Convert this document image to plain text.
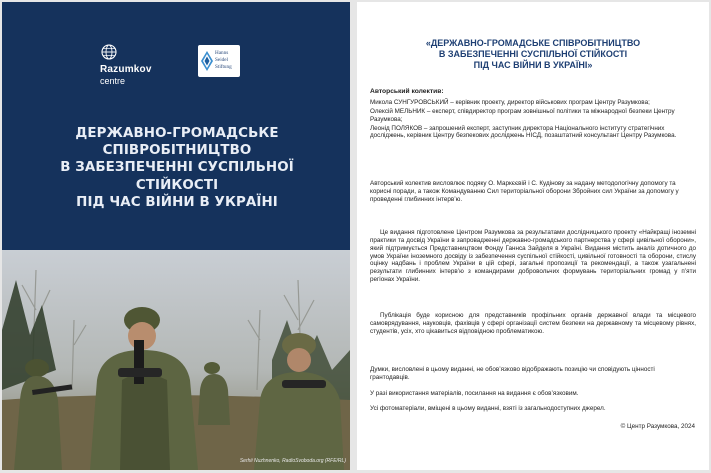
Razumkov
centre
Hanns
Seidel
Stiftung
ДЕРЖАВНО-ГРОМАДСЬКЕ
СПІВРОБІТНИЦТВО
В ЗАБЕЗПЕЧЕННІ СУСПІЛЬНОЇ
СТІЙКОСТІ
ПІД ЧАС ВІЙНИ В УКРАЇНІ
Serhii Nuzhnenko, RadioSvoboda.org (RFE/RL)
«ДЕРЖАВНО-ГРОМАДСЬКЕ СПІВРОБІТНИЦТВО
В ЗАБЕЗПЕЧЕННІ СУСПІЛЬНОЇ СТІЙКОСТІ
ПІД ЧАС ВІЙНИ В УКРАЇНІ»
Авторський колектив:

Микола СУНГУРОВСЬКИЙ – керівник проекту, директор військових програм Центру Разумкова;

Олексій МЕЛЬНИК – експерт, співдиректор програм зовнішньої політики та міжнародної безпеки Центру Разумкова;

Леонід ПОЛЯКОВ – запрошений експерт, заступник директора Національного інституту стратегічних досліджень, керівник Центру безпекових досліджень НІСД, позаштатний консультант Центру Разумкова.

Авторський колектив висловлює подяку О. Маркєєвій і С. Кудінову за надану методологічну допомогу та корисні поради, а також Командуванню Сил територіальної оборони Збройних сил України за допомогу у проведенні глибинних інтерв’ю.

Це видання підготовлене Центром Разумкова за результатами дослідницького проекту «Найкращі іноземні практики та досвід України в запровадженні державно-громадського партнерства у сфері цивільної оборони», який підтримується Представництвом Фонду Ганнса Зайделя в Україні. Видання містить аналіз дотичного до умов України іноземного досвіду із забезпечення суспільної стійкості, цивільної готовності та оборони, стислу оцінку надбань і проблем України в цій сфері, загальні пропозиції та рекомендації, а також узагальнені результати глибинних інтерв’ю з командирами добровольчих формувань територіальних громад у п’яти регіонах України.

Публікація буде корисною для представників профільних органів державної влади та місцевого самоврядування, науковців, фахівців у сфері організації систем безпеки на державному та місцевому рівнях, студентів, усіх, хто цікавиться відповідною проблематикою.

Думки, висловлені в цьому виданні, не обов’язково відображають позицію чи сповідують цінності грантодавців.

У разі використання матеріалів, посилання на видання є обов’язковим.

Усі фотоматеріали, вміщені в цьому виданні, взяті із загальнодоступних джерел.

© Центр Разумкова, 2024
